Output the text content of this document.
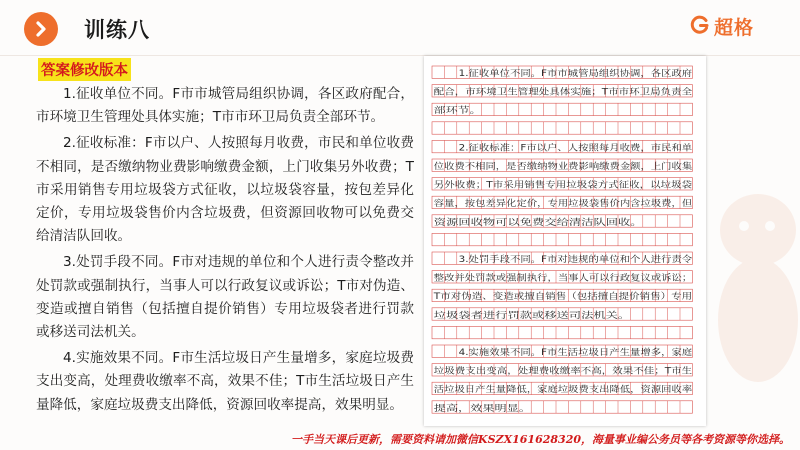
训练八	超格
答案修改版本

1.征收单位不同。F市市城管局组织协调，各区政府配合，市环境卫生管理处具体实施；T市市环卫局负责全部环节。

2.征收标准：F市以户、人按照每月收费，市民和单位收费不相同，是否缴纳物业费影响缴费金额，上门收集另外收费；T市采用销售专用垃圾袋方式征收，以垃圾袋容量，按包差异化定价，专用垃圾袋售价内含垃圾费，但资源回收物可以免费交给清洁队回收。

3.处罚手段不同。F市对违规的单位和个人进行责令整改并处罚款或强制执行，当事人可以行政复议或诉讼；T市对伪造、变造或擅自销售（包括擅自提价销售）专用垃圾袋者进行罚款或移送司法机关。

4.实施效果不同。F市生活垃圾日产生量增多，家庭垃圾费支出变高，处理费收缴率不高，效果不佳；T市生活垃圾日产生量降低，家庭垃圾费支出降低，资源回收率提高，效果明显。

1.征收单位不同。F市市城管局组织协调，各区政府
配合，市环境卫生管理处具体实施；T市市环卫局负责全
部环节。
2.征收标准：F市以户、人按照每月收费，市民和单
位收费不相同，是否缴纳物业费影响缴费金额，上门收集
另外收费；T市采用销售专用垃圾袋方式征收，以垃圾袋
容量，按包差异化定价，专用垃圾袋售价内含垃圾费，但
资源回收物可以免费交给清洁队回收。
3.处罚手段不同。F市对违规的单位和个人进行责令
整改并处罚款或强制执行，当事人可以行政复议或诉讼；
T市对伪造、变造或擅自销售（包括擅自提价销售）专用
垃圾袋者进行罚款或移送司法机关。
4.实施效果不同。F市生活垃圾日产生量增多，家庭
垃圾费支出变高，处理费收缴率不高，效果不佳；T市生
活垃圾日产生量降低，家庭垃圾费支出降低，资源回收率
提高，效果明显。
一手当天课后更新，需要资料请加微信KSZX161628320，海量事业编公务员等各考资源等你选择。
